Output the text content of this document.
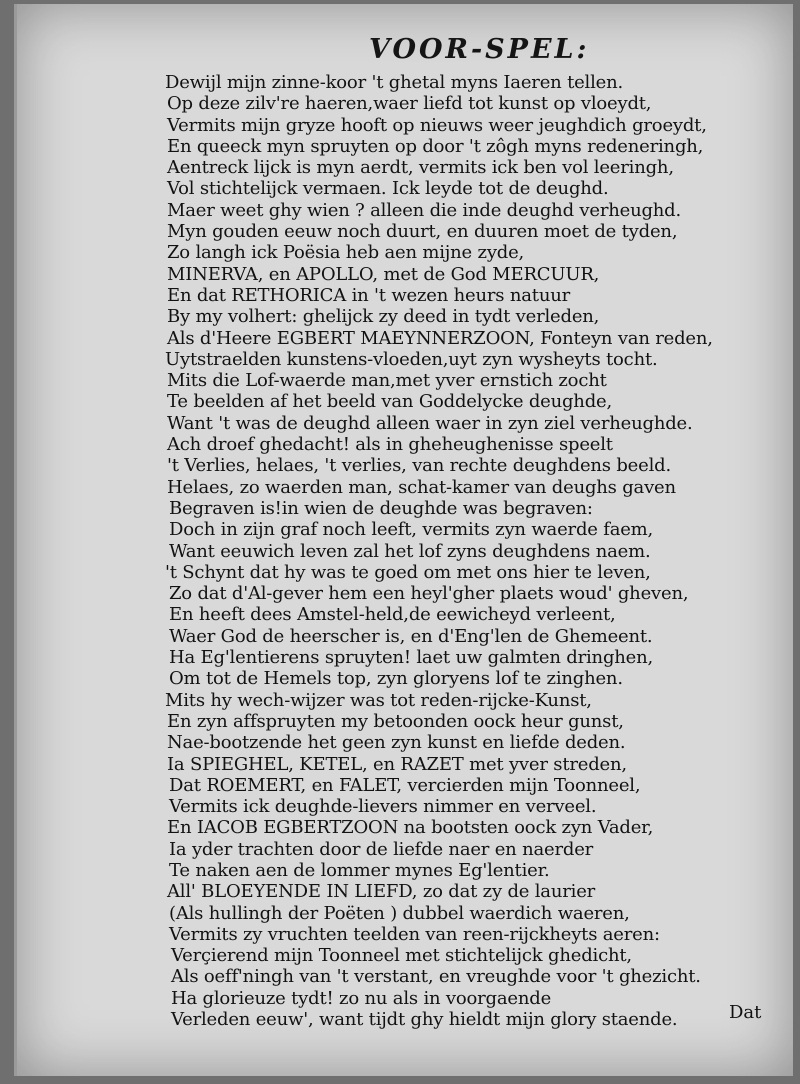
VOOR-SPEL:
Dewijl mijn zinne-koor 't ghetal myns Iaeren tellen.
Op deze zilv're haeren,waer liefd tot kunst op vloeydt,
Vermits mijn gryze hooft op nieuws weer jeughdich groeydt,
En queeck myn spruyten op door 't zôgh myns redeneringh,
Aentreck lijck is myn aerdt, vermits ick ben vol leeringh,
Vol stichtelijck vermaen. Ick leyde tot de deughd.
Maer weet ghy wien ? alleen die inde deughd verheughd.
Myn gouden eeuw noch duurt, en duuren moet de tyden,
Zo langh ick Poësia heb aen mijne zyde,
MINERVA, en APOLLO, met de God MERCUUR,
En dat RETHORICA in 't wezen heurs natuur
By my volhert: ghelijck zy deed in tydt verleden,
Als d'Heere EGBERT MAEYNNERZOON, Fonteyn van reden,
Uytstraelden kunstens-vloeden,uyt zyn wysheyts tocht.
Mits die Lof-waerde man,met yver ernstich zocht
Te beelden af het beeld van Goddelycke deughde,
Want 't was de deughd alleen waer in zyn ziel verheughde.
Ach droef ghedacht! als in gheheughenisse speelt
't Verlies, helaes, 't verlies, van rechte deughdens beeld.
Helaes, zo waerden man, schat-kamer van deughs gaven
Begraven is!in wien de deughde was begraven:
Doch in zijn graf noch leeft, vermits zyn waerde faem,
Want eeuwich leven zal het lof zyns deughdens naem.
't Schynt dat hy was te goed om met ons hier te leven,
Zo dat d'Al-gever hem een heyl'gher plaets woud' gheven,
En heeft dees Amstel-held,de eewicheyd verleent,
Waer God de heerscher is, en d'Eng'len de Ghemeent.
Ha Eg'lentierens spruyten! laet uw galmten dringhen,
Om tot de Hemels top, zyn gloryens lof te zinghen.
Mits hy wech-wijzer was tot reden-rijcke-Kunst,
En zyn affspruyten my betoonden oock heur gunst,
Nae-bootzende het geen zyn kunst en liefde deden.
Ia SPIEGHEL, KETEL, en RAZET met yver streden,
Dat ROEMERT, en FALET, vercierden mijn Toonneel,
Vermits ick deughde-lievers nimmer en verveel.
En IACOB EGBERTZOON na bootsten oock zyn Vader,
Ia yder trachten door de liefde naer en naerder
Te naken aen de lommer mynes Eg'lentier.
All' BLOEYENDE IN LIEFD, zo dat zy de laurier
(Als hullingh der Poëten ) dubbel waerdich waeren,
Vermits zy vruchten teelden van reen-rijckheyts aeren:
Verçierend mijn Toonneel met stichtelijck ghedicht,
Als oeff'ningh van 't verstant, en vreughde voor 't ghezicht.
Ha glorieuze tydt! zo nu als in voorgaende
Verleden eeuw', want tijdt ghy hieldt mijn glory staende.	Dat
